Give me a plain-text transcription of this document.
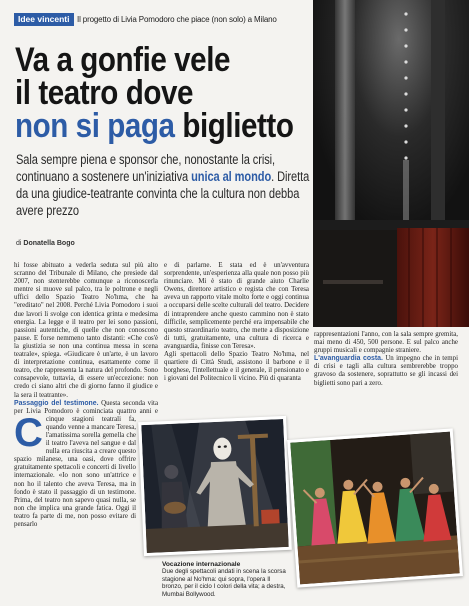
Idee vincenti Il progetto di Livia Pomodoro che piace (non solo) a Milano
Va a gonfie vele
il teatro dove
non si paga biglietto
Sala sempre piena e sponsor che, nonostante la crisi, continuano a sostenere un'iniziativa unica al mondo. Diretta da una giudice-teatrante convinta che la cultura non debba avere prezzo
di Donatella Bogo

C
hi fosse abituato a vederla seduta sul più alto scranno del Tribunale di Milano, che presiede dal 2007, non stenterebbe comunque a riconoscerla mentre si muove sul palco, tra le poltrone e negli uffici dello Spazio Teatro No'hma, che ha "ereditato" nel 2008. Perché Livia Pomodoro i suoi due lavori li svolge con identica grinta e medesima energia. La legge e il teatro per lei sono passioni, passioni autentiche, di quelle che non conoscono pause. E forse nemmeno tanto distanti: «Che cos'è la giustizia se non una continua messa in scena teatrale», spiega. «Giudicare è un'arte, è un lavoro di interpretazione continua, esattamente come il teatro, che rappresenta la natura del profondo. Sono consapevole, tuttavia, di essere un'eccezione: non credo ci siano altri che di giorno fanno il giudice e la sera il teatrante».

Passaggio del testimone. Questa seconda vita per Livia Pomodoro è cominciata quattro anni e cinque stagioni teatrali fa, quando venne a mancare Teresa, l'amatissima sorella gemella che il teatro l'aveva nel sangue e dal nulla era riuscita a creare questo spazio milanese, una oasi, dove offrire gratuitamente spettacoli e concerti di livello internazionale. «Io non sono un'attrice e non ho il talento che aveva Teresa, ma in fondo è stato il passaggio di un testimone. Prima, del teatro non sapevo quasi nulla, se non che implica una grande fatica. Oggi il teatro fa parte di me, non posso evitare di pensarlo

e di parlarne. È stata ed è un'avventura sorprendente, un'esperienza alla quale non posso più rinunciare. Mi è stato di grande aiuto Charlie Owens, direttore artistico e regista che con Teresa aveva un rapporto vitale molto forte e oggi continua a occuparsi delle scelte culturali del teatro. Decidere di intraprendere anche questo cammino non è stato difficile, semplicemente perché era impensabile che questo straordinario teatro, che mette a disposizione di tutti, gratuitamente, una cultura di ricerca e avanguardia, finisse con Teresa».

Agli spettacoli dello Spazio Teatro No'hma, nel quartiere di Città Studi, assistono il barbone e il borghese, l'intellettuale e il generale, il pensionato e i giovani del Politecnico lì vicino. Più di quaranta

rappresentazioni l'anno, con la sala sempre gremita, mai meno di 450, 500 persone. E sul palco anche gruppi musicali e compagnie straniere.

L'avanguardia costa. Un impegno che in tempi di crisi e tagli alla cultura sembrerebbe troppo gravoso da sostenere, soprattutto se gli incassi dei biglietti sono pari a zero.

Vocazione internazionale
Due degli spettacoli andati in scena la scorsa stagione al No'hma: qui sopra, l'opera Il bronzo, per il ciclo I colori della vita; a destra, Mumbai Bollywood.
